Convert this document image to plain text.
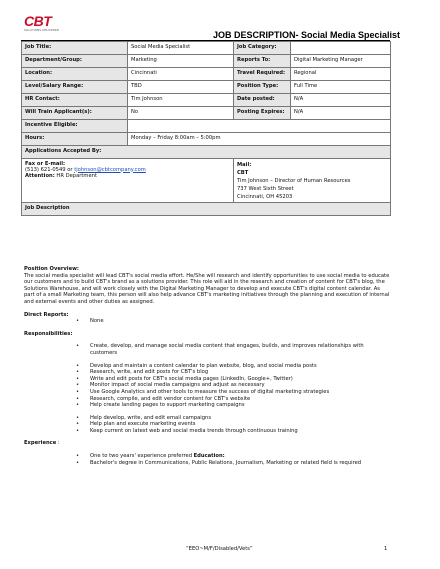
CBT
SOLUTIONS DELIVERED	JOB DESCRIPTION- Social Media Specialist
Job Title:	Social Media Specialist	Job Category:	
Department/Group:	Marketing	Reports To:	Digital Marketing Manager
Location:	Cincinnati	Travel Required:	Regional
Level/Salary Range:	TBD	Position Type:	Full Time
HR Contact:	Tim Johnson	Date posted:	N/A
Will Train Applicant(s):	No	Posting Expires:	N/A
Incentive Eligible:			
Hours:	Monday – Friday 8:00am – 5:00pm		
Applications Accepted By:			
Fax or E-mail:
(513) 621-0549 or tjohnson@cbtcompany.com
Attention: HR Department		Mail:
CBT
Tim Johnson – Director of Human Resources
737 West Sixth Street
Cincinnati, OH 45203	

Job Description			

Position Overview:

The social media specialist will lead CBT's social media effort. He/She will research and identify opportunities to use social media to educate our customers and to build CBT's brand as a solutions provider. This role will aid in the research and creation of content for CBT's blog, the Solutions Warehouse, and will work closely with the Digital Marketing Manager to develop and execute CBT's digital content calendar. As part of a small Marketing team, this person will also help advance CBT's marketing initiatives through the planning and execution of internal and external events and other duties as assigned.

Direct Reports:

• None

Responsibilities:

• Create, develop, and manage social media content that engages, builds, and improves relationships with customers
• Develop and maintain a content calendar to plan website, blog, and social media posts
• Research, write, and edit posts for CBT's blog
• Write and edit posts for CBT's social media pages (LinkedIn, Google+, Twitter)
• Monitor impact of social media campaigns and adjust as necessary
• Use Google Analytics and other tools to measure the success of digital marketing strategies
• Research, compile, and edit vendor content for CBT's website
• Help create landing pages to support marketing campaigns
• Help develop, write, and edit email campaigns
• Help plan and execute marketing events
• Keep current on latest web and social media trends through continuous training

Experience :

• One to two years' experience preferred Education:
• Bachelor's degree in Communications, Public Relations, Journalism, Marketing or related field is required
“EEO~M/F/Disabled/Vets”	1
